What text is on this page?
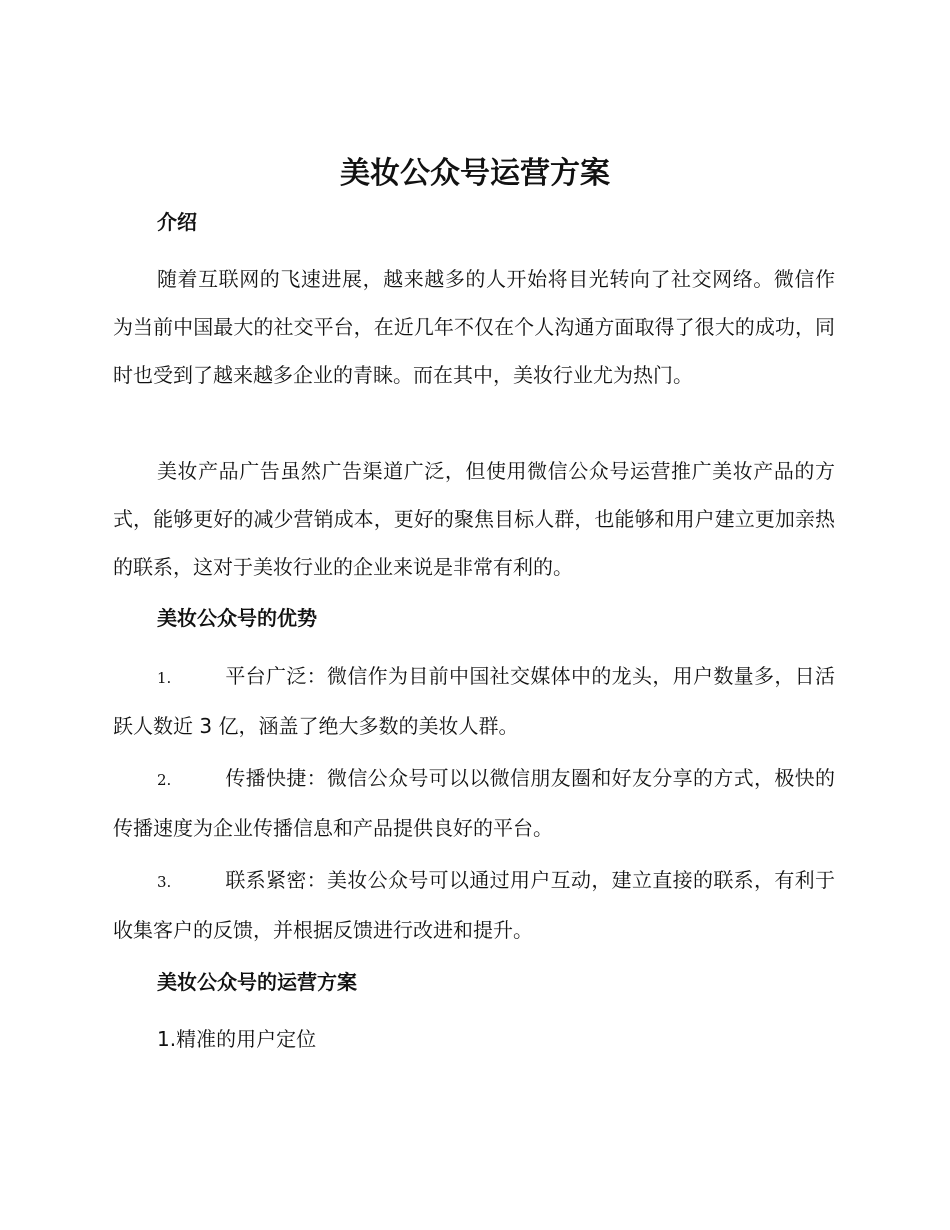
美妆公众号运营方案
介绍

随着互联网的飞速进展，越来越多的人开始将目光转向了社交网络。微信作为当前中国最大的社交平台，在近几年不仅在个人沟通方面取得了很大的成功，同时也受到了越来越多企业的青睐。而在其中，美妆行业尤为热门。

美妆产品广告虽然广告渠道广泛，但使用微信公众号运营推广美妆产品的方式，能够更好的减少营销成本，更好的聚焦目标人群，也能够和用户建立更加亲热的联系，这对于美妆行业的企业来说是非常有利的。

美妆公众号的优势

1.	平台广泛：微信作为目前中国社交媒体中的龙头，用户数量多，日活跃人数近 3 亿，涵盖了绝大多数的美妆人群。

2.	传播快捷：微信公众号可以以微信朋友圈和好友分享的方式，极快的传播速度为企业传播信息和产品提供良好的平台。

3.	联系紧密：美妆公众号可以通过用户互动，建立直接的联系，有利于收集客户的反馈，并根据反馈进行改进和提升。

美妆公众号的运营方案

1.精准的用户定位
